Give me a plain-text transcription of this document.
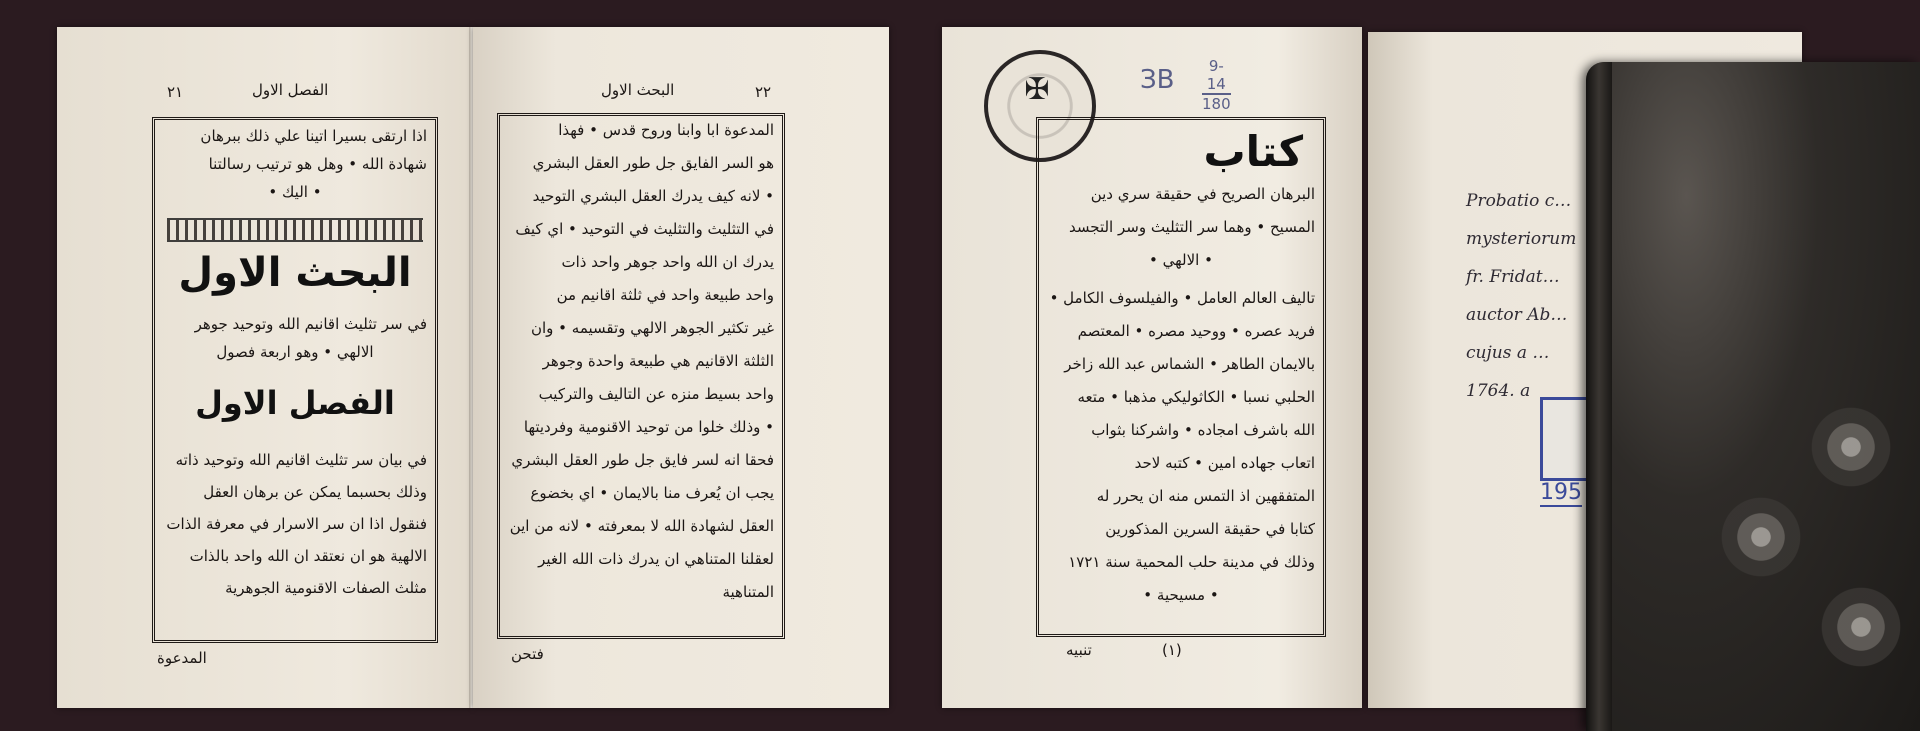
الفصل الاول
٢١
اذا ارتقى بسيرا اتينا علي ذلك ببرهان
شهادة الله • وهل هو ترتيب رسالتنا
• اليك •
البحث الاول
في سر تثليث اقانيم الله وتوحيد جوهر
الالهي • وهو اربعة فصول
الفصل الاول
في بيان سر تثليث اقانيم الله وتوحيد ذاته
وذلك بحسبما يمكن عن برهان العقل
فنقول اذا ان سر الاسرار في معرفة الذات
الالهية هو ان نعتقد ان الله واحد بالذات
مثلث الصفات الاقنومية الجوهرية
المدعوة
البحث الاول	٢٢
المدعوة ابا وابنا وروح قدس • فهذا
هو السر الفايق جل طور العقل البشري
• لانه كيف يدرك العقل البشري التوحيد
في التثليث والتثليث في التوحيد • اي كيف
يدرك ان الله واحد جوهر واحد ذات
واحد طبيعة واحد في ثلثة اقانيم من
غير تكثير الجوهر الالهي وتقسيمه • وان
الثلثة الاقانيم هي طبيعة واحدة وجوهر
واحد بسيط منزه عن التاليف والتركيب
• وذلك خلوا من توحيد الاقنومية وفرديتها
فحقا انه لسر فايق جل طور العقل البشري
يجب ان يُعرف منا بالايمان • اي بخضوع
العقل لشهادة الله لا بمعرفته • لانه من اين
لعقلنا المتناهي ان يدرك ذات الله الغير
المتناهية
فتحن
Probatio c…
mysteriorum
fr. Fridat…
auctor Ab…
cujus a …
1764. a
195
✠	ЗВ $\frac{9-14}{180}$
كتاب
البرهان الصريح في حقيقة سري دين
المسيح • وهما سر التثليث وسر التجسد
• الالهي •
تاليف العالم العامل • والفيلسوف الكامل •
فريد عصره • ووحيد مصره • المعتصم
بالايمان الطاهر • الشماس عبد الله زاخر
الحلبي نسبا • الكاثوليكي مذهبا • متعه
الله باشرف امجاده • واشركنا بثواب
اتعاب جهاده امين • كتبه لاحد
المتفقهين اذ التمس منه ان يحرر له
كتابا في حقيقة السرين المذكورين
وذلك في مدينة حلب المحمية سنة ١٧٢١
• مسيحية •
(١)
تنبيه
